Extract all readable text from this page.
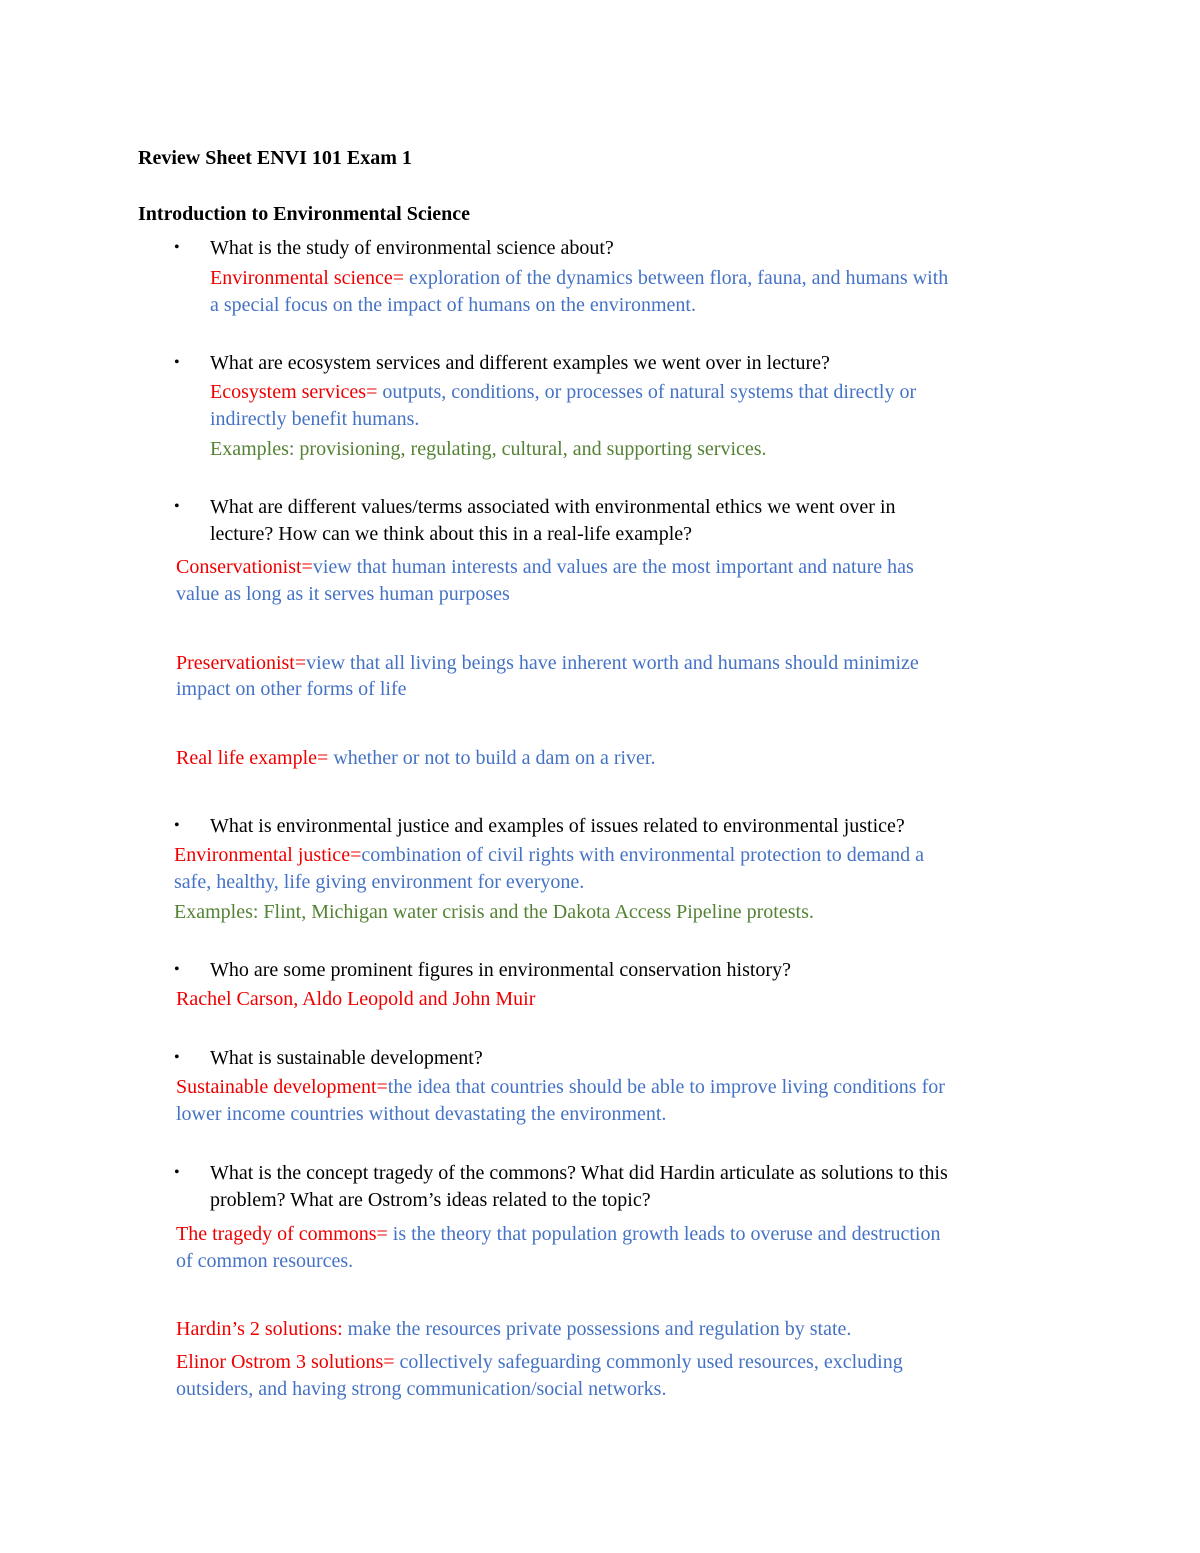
Review Sheet ENVI 101 Exam 1
Introduction to Environmental Science
• What is the study of environmental science about?
Environmental science= exploration of the dynamics between flora, fauna, and humans with
a special focus on the impact of humans on the environment.
• What are ecosystem services and different examples we went over in lecture?
Ecosystem services= outputs, conditions, or processes of natural systems that directly or
indirectly benefit humans.
Examples: provisioning, regulating, cultural, and supporting services.
• What are different values/terms associated with environmental ethics we went over in
lecture? How can we think about this in a real-life example?
Conservationist=view that human interests and values are the most important and nature has
value as long as it serves human purposes
Preservationist=view that all living beings have inherent worth and humans should minimize
impact on other forms of life
Real life example= whether or not to build a dam on a river.
• What is environmental justice and examples of issues related to environmental justice?
Environmental justice=combination of civil rights with environmental protection to demand a
safe, healthy, life giving environment for everyone.
Examples: Flint, Michigan water crisis and the Dakota Access Pipeline protests.
• Who are some prominent figures in environmental conservation history?
Rachel Carson, Aldo Leopold and John Muir
• What is sustainable development?
Sustainable development=the idea that countries should be able to improve living conditions for
lower income countries without devastating the environment.
• What is the concept tragedy of the commons? What did Hardin articulate as solutions to this
problem? What are Ostrom’s ideas related to the topic?
The tragedy of commons= is the theory that population growth leads to overuse and destruction
of common resources.
Hardin’s 2 solutions: make the resources private possessions and regulation by state.
Elinor Ostrom 3 solutions= collectively safeguarding commonly used resources, excluding
outsiders, and having strong communication/social networks.
